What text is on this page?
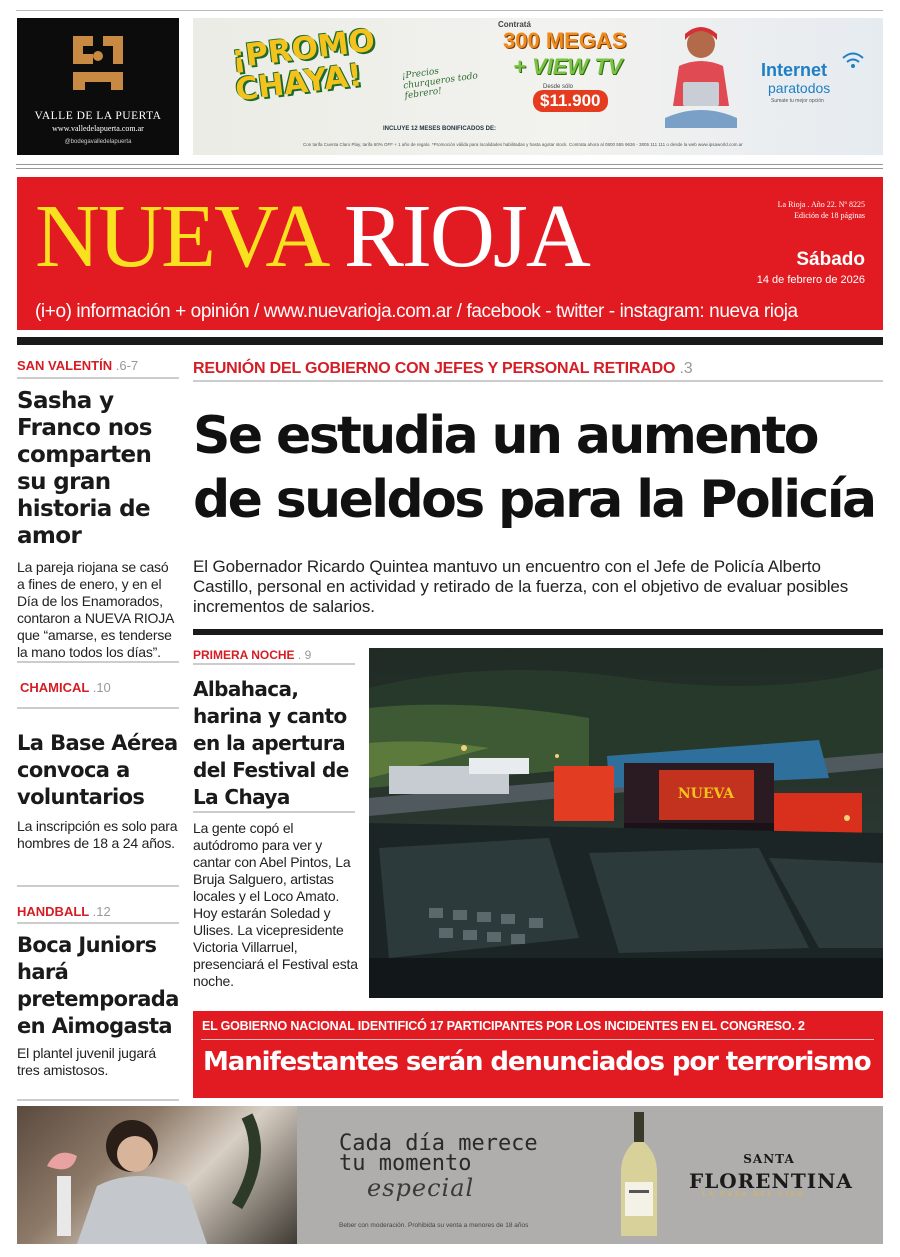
VALLE DE LA PUERTA
www.valledelapuerta.com.ar
@bodegavalledelapuerta
¡PROMO CHAYA!	¡Precios churqueros todo febrero!
Contratá
300 MEGAS
+ VIEW TV
Desde sólo
$11.900
INCLUYE 12 MESES BONIFICADOS DE:
Con tarifa Cuenta Claro Play, tarifa 60% OFF + 1 año de regalo. *Promoción válida para localidades habilitadas y hasta agotar stock. Contrata ahora al 0800 555 9636 - 3805 111 111 o desde la web www.ipsaworld.com.ar
Internet
paratodos
Sumate tu mejor opción
NUEVA RIOJA
(i+o) información + opinión / www.nuevarioja.com.ar / facebook - twitter - instagram: nueva rioja
La Rioja . Año 22. Nº 8225
Edición de 18 páginas
Sábado
14 de febrero de 2026
SAN VALENTÍN .6-7
Sasha y Franco nos comparten su gran historia de amor
La pareja riojana se casó a fines de enero, y en el Día de los Enamorados, contaron a NUEVA RIOJA que “amarse, es tenderse la mano todos los días”.
CHAMICAL .10
La Base Aérea convoca a voluntarios
La inscripción es solo para hombres de 18 a 24 años.
HANDBALL .12
Boca Juniors hará pretemporada en Aimogasta
El plantel juvenil jugará tres amistosos.
REUNIÓN DEL GOBIERNO CON JEFES Y PERSONAL RETIRADO .3
Se estudia un aumento de sueldos para la Policía
El Gobernador Ricardo Quintea mantuvo un encuentro con el Jefe de Policía Alberto Castillo, personal en actividad y retirado de la fuerza, con el objetivo de evaluar posibles incrementos de salarios.
PRIMERA NOCHE . 9
Albahaca, harina y canto en la apertura del Festival de La Chaya
La gente copó el autódromo para ver y cantar con Abel Pintos, La Bruja Salguero, artistas locales y el Loco Amato. Hoy estarán Soledad y Ulises. La vicepresidente Victoria Villarruel, presenciará el Festival esta noche.
NUEVA
EL GOBIERNO NACIONAL IDENTIFICÓ 17 PARTICIPANTES POR LOS INCIDENTES EN EL CONGRESO. 2
Manifestantes serán denunciados por terrorismo
Cada día merece
tu momento
especial
Beber con moderación. Prohibida su venta a menores de 18 años
SANTA
FLORENTINA
LA CASA DEL VINO
